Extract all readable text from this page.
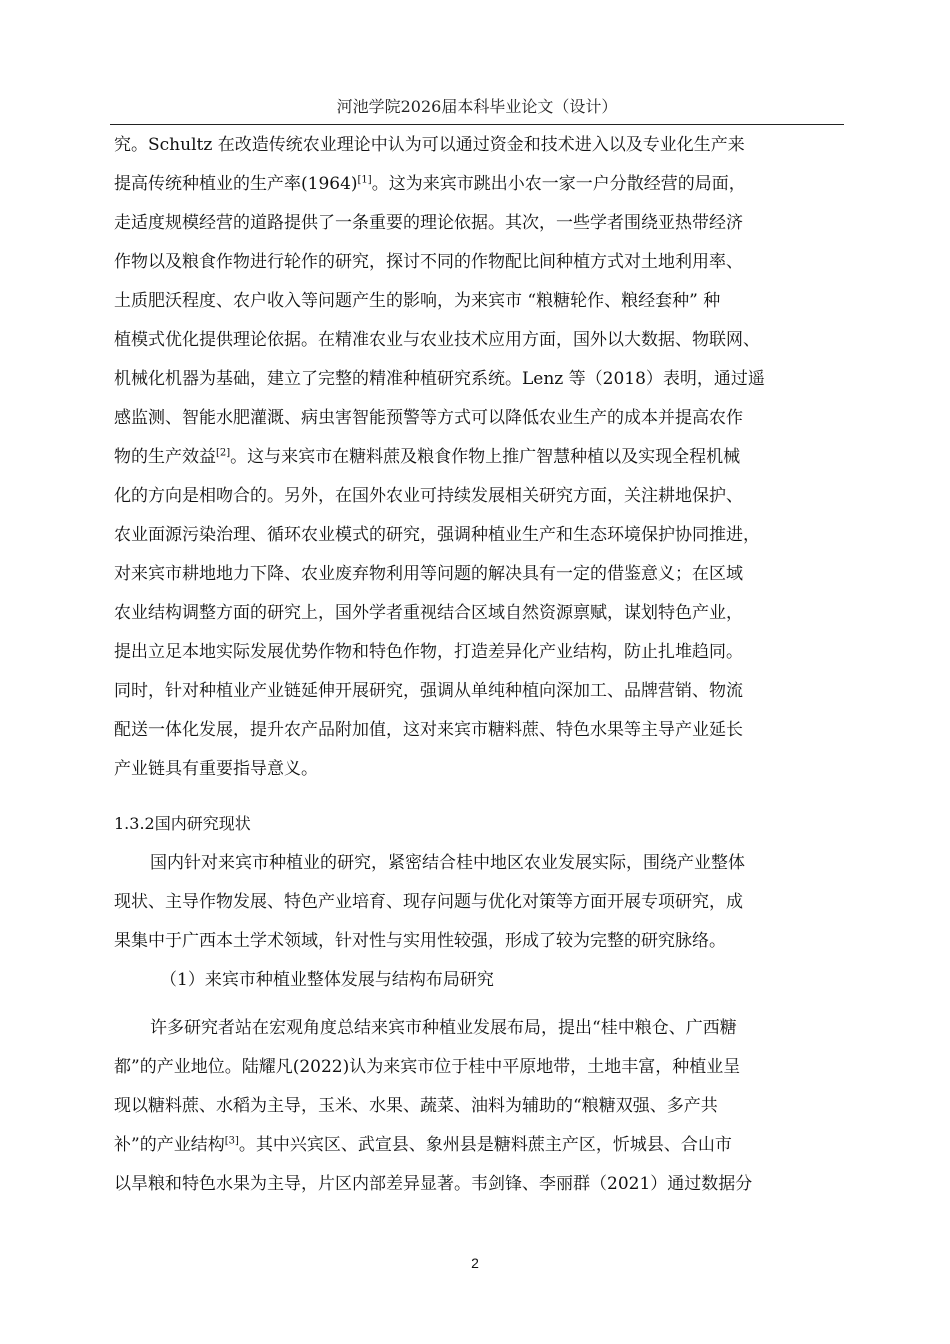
河池学院2026届本科毕业论文（设计）
究。Schultz 在改造传统农业理论中认为可以通过资金和技术进入以及专业化生产来
提高传统种植业的生产率(1964)[1]。这为来宾市跳出小农一家一户分散经营的局面，
走适度规模经营的道路提供了一条重要的理论依据。其次，一些学者围绕亚热带经济
作物以及粮食作物进行轮作的研究，探讨不同的作物配比间种植方式对土地利用率、
土质肥沃程度、农户收入等问题产生的影响，为来宾市 “粮糖轮作、粮经套种” 种
植模式优化提供理论依据。在精准农业与农业技术应用方面，国外以大数据、物联网、
机械化机器为基础，建立了完整的精准种植研究系统。Lenz 等（2018）表明，通过遥
感监测、智能水肥灌溉、病虫害智能预警等方式可以降低农业生产的成本并提高农作
物的生产效益[2]。这与来宾市在糖料蔗及粮食作物上推广智慧种植以及实现全程机械
化的方向是相吻合的。另外，在国外农业可持续发展相关研究方面，关注耕地保护、
农业面源污染治理、循环农业模式的研究，强调种植业生产和生态环境保护协同推进，
对来宾市耕地地力下降、农业废弃物利用等问题的解决具有一定的借鉴意义；在区域
农业结构调整方面的研究上，国外学者重视结合区域自然资源禀赋，谋划特色产业，
提出立足本地实际发展优势作物和特色作物，打造差异化产业结构，防止扎堆趋同。
同时，针对种植业产业链延伸开展研究，强调从单纯种植向深加工、品牌营销、物流
配送一体化发展，提升农产品附加值，这对来宾市糖料蔗、特色水果等主导产业延长
产业链具有重要指导意义。
1.3.2国内研究现状
国内针对来宾市种植业的研究，紧密结合桂中地区农业发展实际，围绕产业整体
现状、主导作物发展、特色产业培育、现存问题与优化对策等方面开展专项研究，成
果集中于广西本土学术领域，针对性与实用性较强，形成了较为完整的研究脉络。
（1）来宾市种植业整体发展与结构布局研究
许多研究者站在宏观角度总结来宾市种植业发展布局，提出“桂中粮仓、广西糖
都”的产业地位。陆耀凡(2022)认为来宾市位于桂中平原地带，土地丰富，种植业呈
现以糖料蔗、水稻为主导，玉米、水果、蔬菜、油料为辅助的“粮糖双强、多产共
补”的产业结构[3]。其中兴宾区、武宣县、象州县是糖料蔗主产区，忻城县、合山市
以旱粮和特色水果为主导，片区内部差异显著。韦剑锋、李丽群（2021）通过数据分
2
